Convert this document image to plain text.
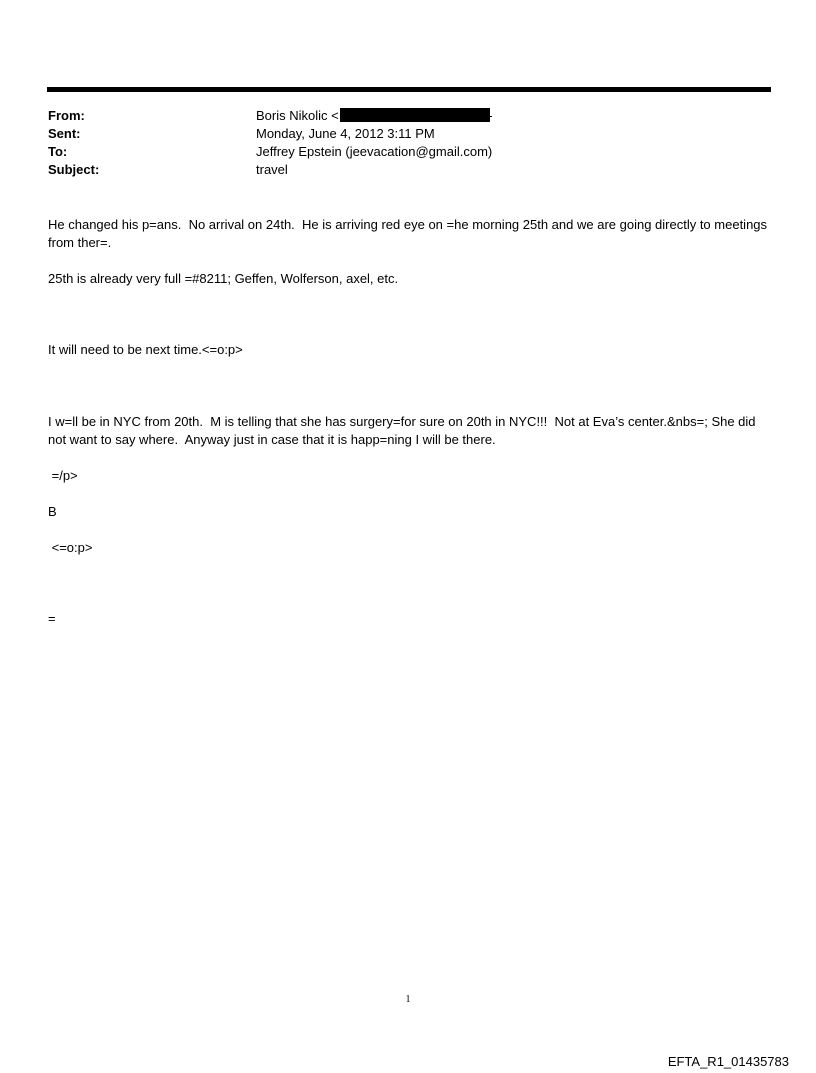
From:	Boris Nikolic <
Sent:	Monday, June 4, 2012 3:11 PM
To:	Jeffrey Epstein (jeevacation@gmail.com)
Subject:	travel
He changed his p=ans.  No arrival on 24th.  He is arriving red eye on =he morning 25th and we are going directly to meetings from ther=.
25th is already very full =#8211; Geffen, Wolferson, axel, etc.
It will need to be next time.<=o:p>
I w=ll be in NYC from 20th.  M is telling that she has surgery=for sure on 20th in NYC!!!  Not at Eva’s center.&nbs=; She did not want to say where.  Anyway just in case that it is happ=ning I will be there.
=/p>
B
<=o:p>
=
1
EFTA_R1_01435783
